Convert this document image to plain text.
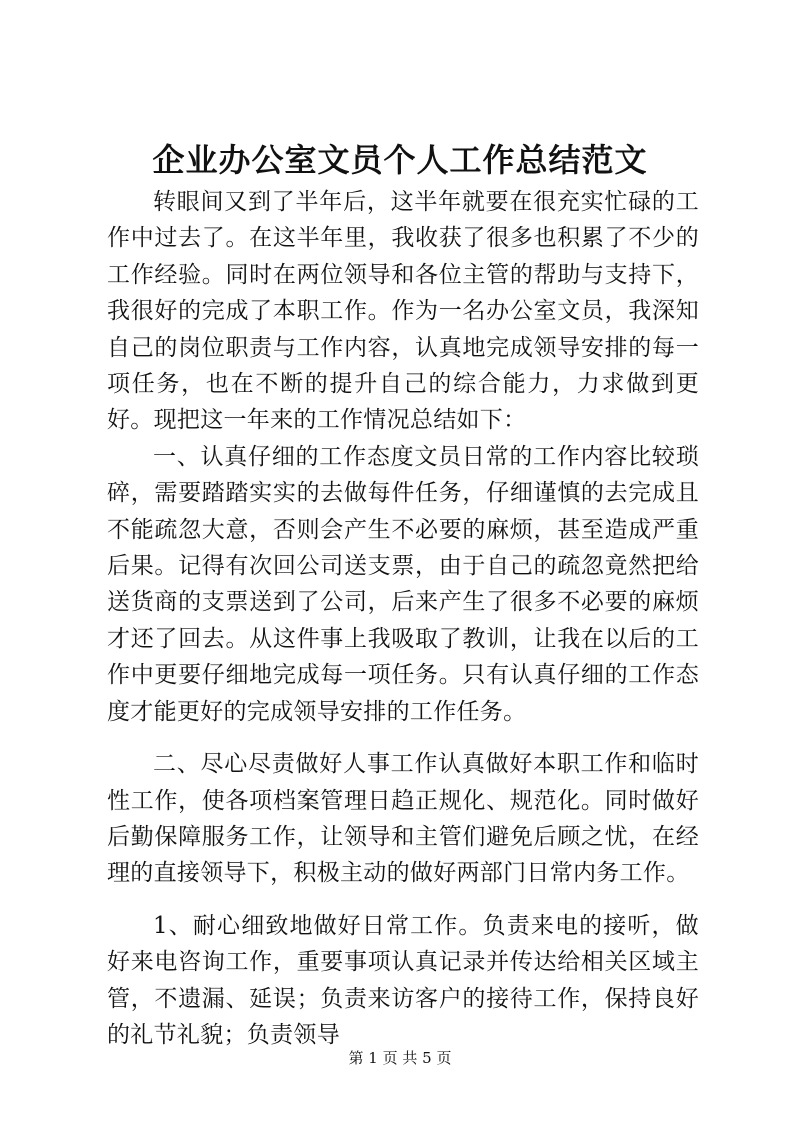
企业办公室文员个人工作总结范文

转眼间又到了半年后，这半年就要在很充实忙碌的工作中过去了。在这半年里，我收获了很多也积累了不少的工作经验。同时在两位领导和各位主管的帮助与支持下，我很好的完成了本职工作。作为一名办公室文员，我深知自己的岗位职责与工作内容，认真地完成领导安排的每一项任务，也在不断的提升自己的综合能力，力求做到更好。现把这一年来的工作情况总结如下：

一、认真仔细的工作态度文员日常的工作内容比较琐碎，需要踏踏实实的去做每件任务，仔细谨慎的去完成且不能疏忽大意，否则会产生不必要的麻烦，甚至造成严重后果。记得有次回公司送支票，由于自己的疏忽竟然把给送货商的支票送到了公司，后来产生了很多不必要的麻烦才还了回去。从这件事上我吸取了教训，让我在以后的工作中更要仔细地完成每一项任务。只有认真仔细的工作态度才能更好的完成领导安排的工作任务。

二、尽心尽责做好人事工作认真做好本职工作和临时性工作，使各项档案管理日趋正规化、规范化。同时做好后勤保障服务工作，让领导和主管们避免后顾之忧，在经理的直接领导下，积极主动的做好两部门日常内务工作。

1、耐心细致地做好日常工作。负责来电的接听，做好来电咨询工作，重要事项认真记录并传达给相关区域主管，不遗漏、延误；负责来访客户的接待工作，保持良好的礼节礼貌；负责领导

第 1 页 共 5 页
